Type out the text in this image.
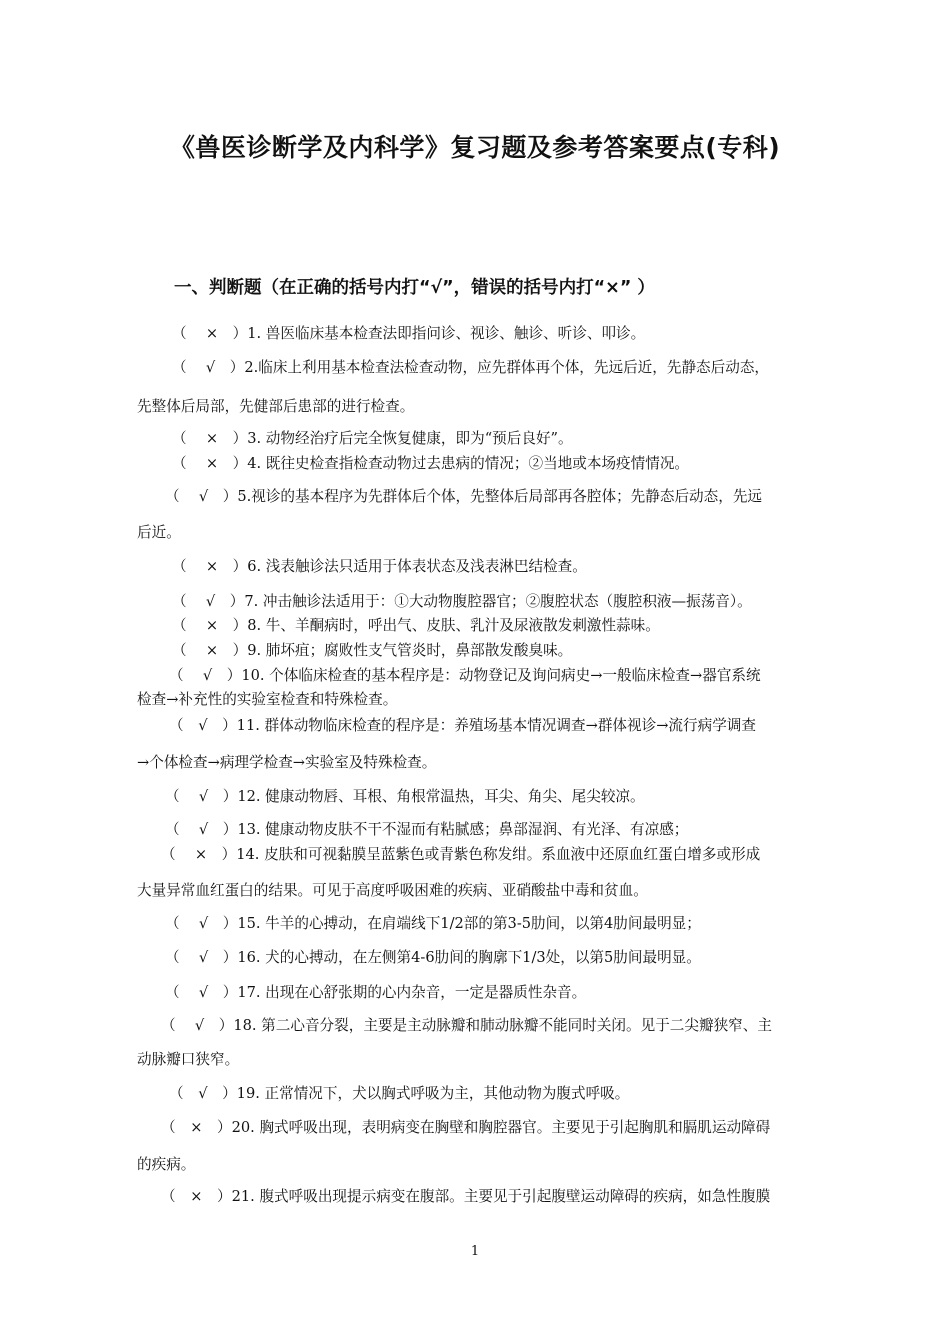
《兽医诊断学及内科学》复习题及参考答案要点(专科)
一、判断题（在正确的括号内打“√”，错误的括号内打“×” ）
（　 ×　）1. 兽医临床基本检查法即指问诊、视诊、触诊、听诊、叩诊。
（　 √　）2.临床上利用基本检查法检查动物，应先群体再个体，先远后近，先静态后动态，
先整体后局部，先健部后患部的进行检查。
（　 ×　）3. 动物经治疗后完全恢复健康，即为“预后良好”。
（　 ×　）4. 既往史检查指检查动物过去患病的情况；②当地或本场疫情情况。
（　 √　）5.视诊的基本程序为先群体后个体，先整体后局部再各腔体；先静态后动态，先远
后近。
（　 ×　）6. 浅表触诊法只适用于体表状态及浅表淋巴结检查。
（　 √　）7. 冲击触诊法适用于：①大动物腹腔器官；②腹腔状态（腹腔积液—振荡音）。
（　 ×　）8. 牛、羊酮病时，呼出气、皮肤、乳汁及尿液散发刺激性蒜味。
（　 ×　）9. 肺坏疽；腐败性支气管炎时，鼻部散发酸臭味。
（　 √　）10. 个体临床检查的基本程序是：动物登记及询问病史→一般临床检查→器官系统
检查→补充性的实验室检查和特殊检查。
（　√　）11. 群体动物临床检查的程序是：养殖场基本情况调查→群体视诊→流行病学调查
→个体检查→病理学检查→实验室及特殊检查。
（　 √　）12. 健康动物唇、耳根、角根常温热，耳尖、角尖、尾尖较凉。
（　 √　）13. 健康动物皮肤不干不湿而有粘腻感；鼻部湿润、有光泽、有凉感；
（　 ×　）14. 皮肤和可视黏膜呈蓝紫色或青紫色称发绀。系血液中还原血红蛋白增多或形成
大量异常血红蛋白的结果。可见于高度呼吸困难的疾病、亚硝酸盐中毒和贫血。
（　 √　）15. 牛羊的心搏动，在肩端线下1/2部的第3-5肋间，以第4肋间最明显；
（　 √　）16. 犬的心搏动，在左侧第4-6肋间的胸廓下1/3处，以第5肋间最明显。
（　 √　）17. 出现在心舒张期的心内杂音，一定是器质性杂音。
（　 √　）18. 第二心音分裂，主要是主动脉瓣和肺动脉瓣不能同时关闭。见于二尖瓣狭窄、主
动脉瓣口狭窄。
（　√　）19. 正常情况下，犬以胸式呼吸为主，其他动物为腹式呼吸。
（　×　）20. 胸式呼吸出现，表明病变在胸壁和胸腔器官。主要见于引起胸肌和膈肌运动障碍
的疾病。
（　×　）21. 腹式呼吸出现提示病变在腹部。主要见于引起腹壁运动障碍的疾病，如急性腹膜
1
